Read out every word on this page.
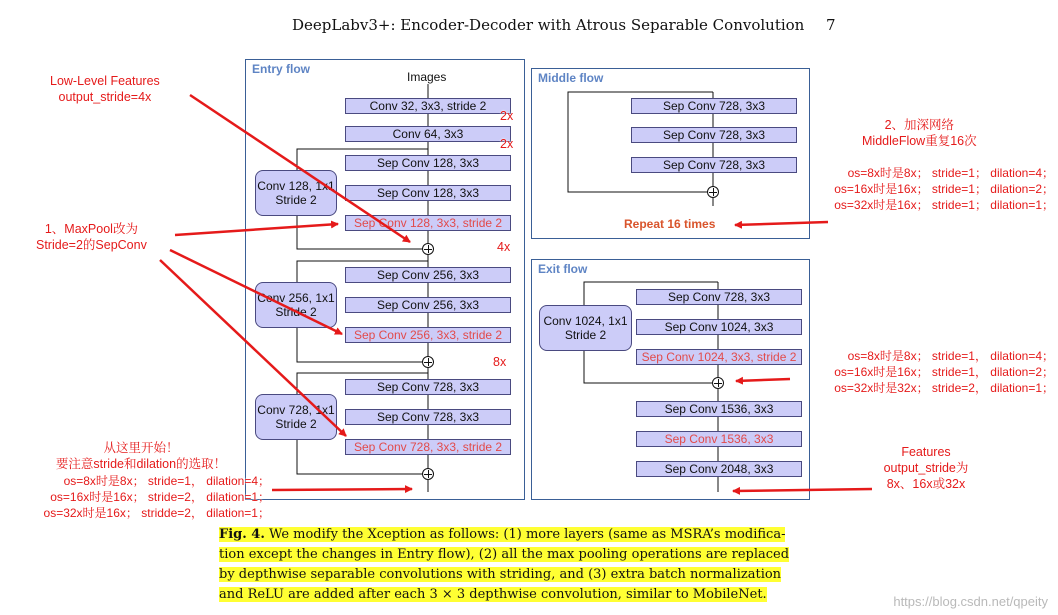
DeepLabv3+: Encoder-Decoder with Atrous Separable Convolution 7
Entry flow
Images
Conv 32, 3x3, stride 2
Conv 64, 3x3
Sep Conv 128, 3x3
Sep Conv 128, 3x3
Sep Conv 128, 3x3, stride 2
Sep Conv 256, 3x3
Sep Conv 256, 3x3
Sep Conv 256, 3x3, stride 2
Sep Conv 728, 3x3
Sep Conv 728, 3x3
Sep Conv 728, 3x3, stride 2
Conv 128, 1x1
Stride 2
Conv 256, 1x1
Stride 2
Conv 728, 1x1
Stride 2
Middle flow
Sep Conv 728, 3x3
Sep Conv 728, 3x3
Sep Conv 728, 3x3
Repeat 16 times
Exit flow
Sep Conv 728, 3x3
Sep Conv 1024, 3x3
Sep Conv 1024, 3x3, stride 2
Sep Conv 1536, 3x3
Sep Conv 1536, 3x3
Sep Conv 2048, 3x3
Conv 1024, 1x1
Stride 2
Low-Level Features
output_stride=4x
1、MaxPool改为
Stride=2的SepConv
2、加深网络
MiddleFlow重复16次
os=8x时是8x； stride=1； dilation=4；
os=16x时是16x； stride=1； dilation=2；
os=32x时是16x； stride=1； dilation=1；
os=8x时是8x； stride=1， dilation=4；
os=16x时是16x； stride=1， dilation=2；
os=32x时是32x； stride=2， dilation=1；
从这里开始！
要注意stride和dilation的选取！
os=8x时是8x； stride=1， dilation=4；
os=16x时是16x； stride=2， dilation=1；
os=32x时是16x； stridde=2， dilation=1；
Features
output_stride为
8x、16x或32x
2x
2x
4x
8x
Fig. 4. We modify the Xception as follows: (1) more layers (same as MSRA’s modifica-
tion except the changes in Entry flow), (2) all the max pooling operations are replaced
by depthwise separable convolutions with striding, and (3) extra batch normalization
and ReLU are added after each 3 × 3 depthwise convolution, similar to MobileNet.	https://blog.csdn.net/qpeity
